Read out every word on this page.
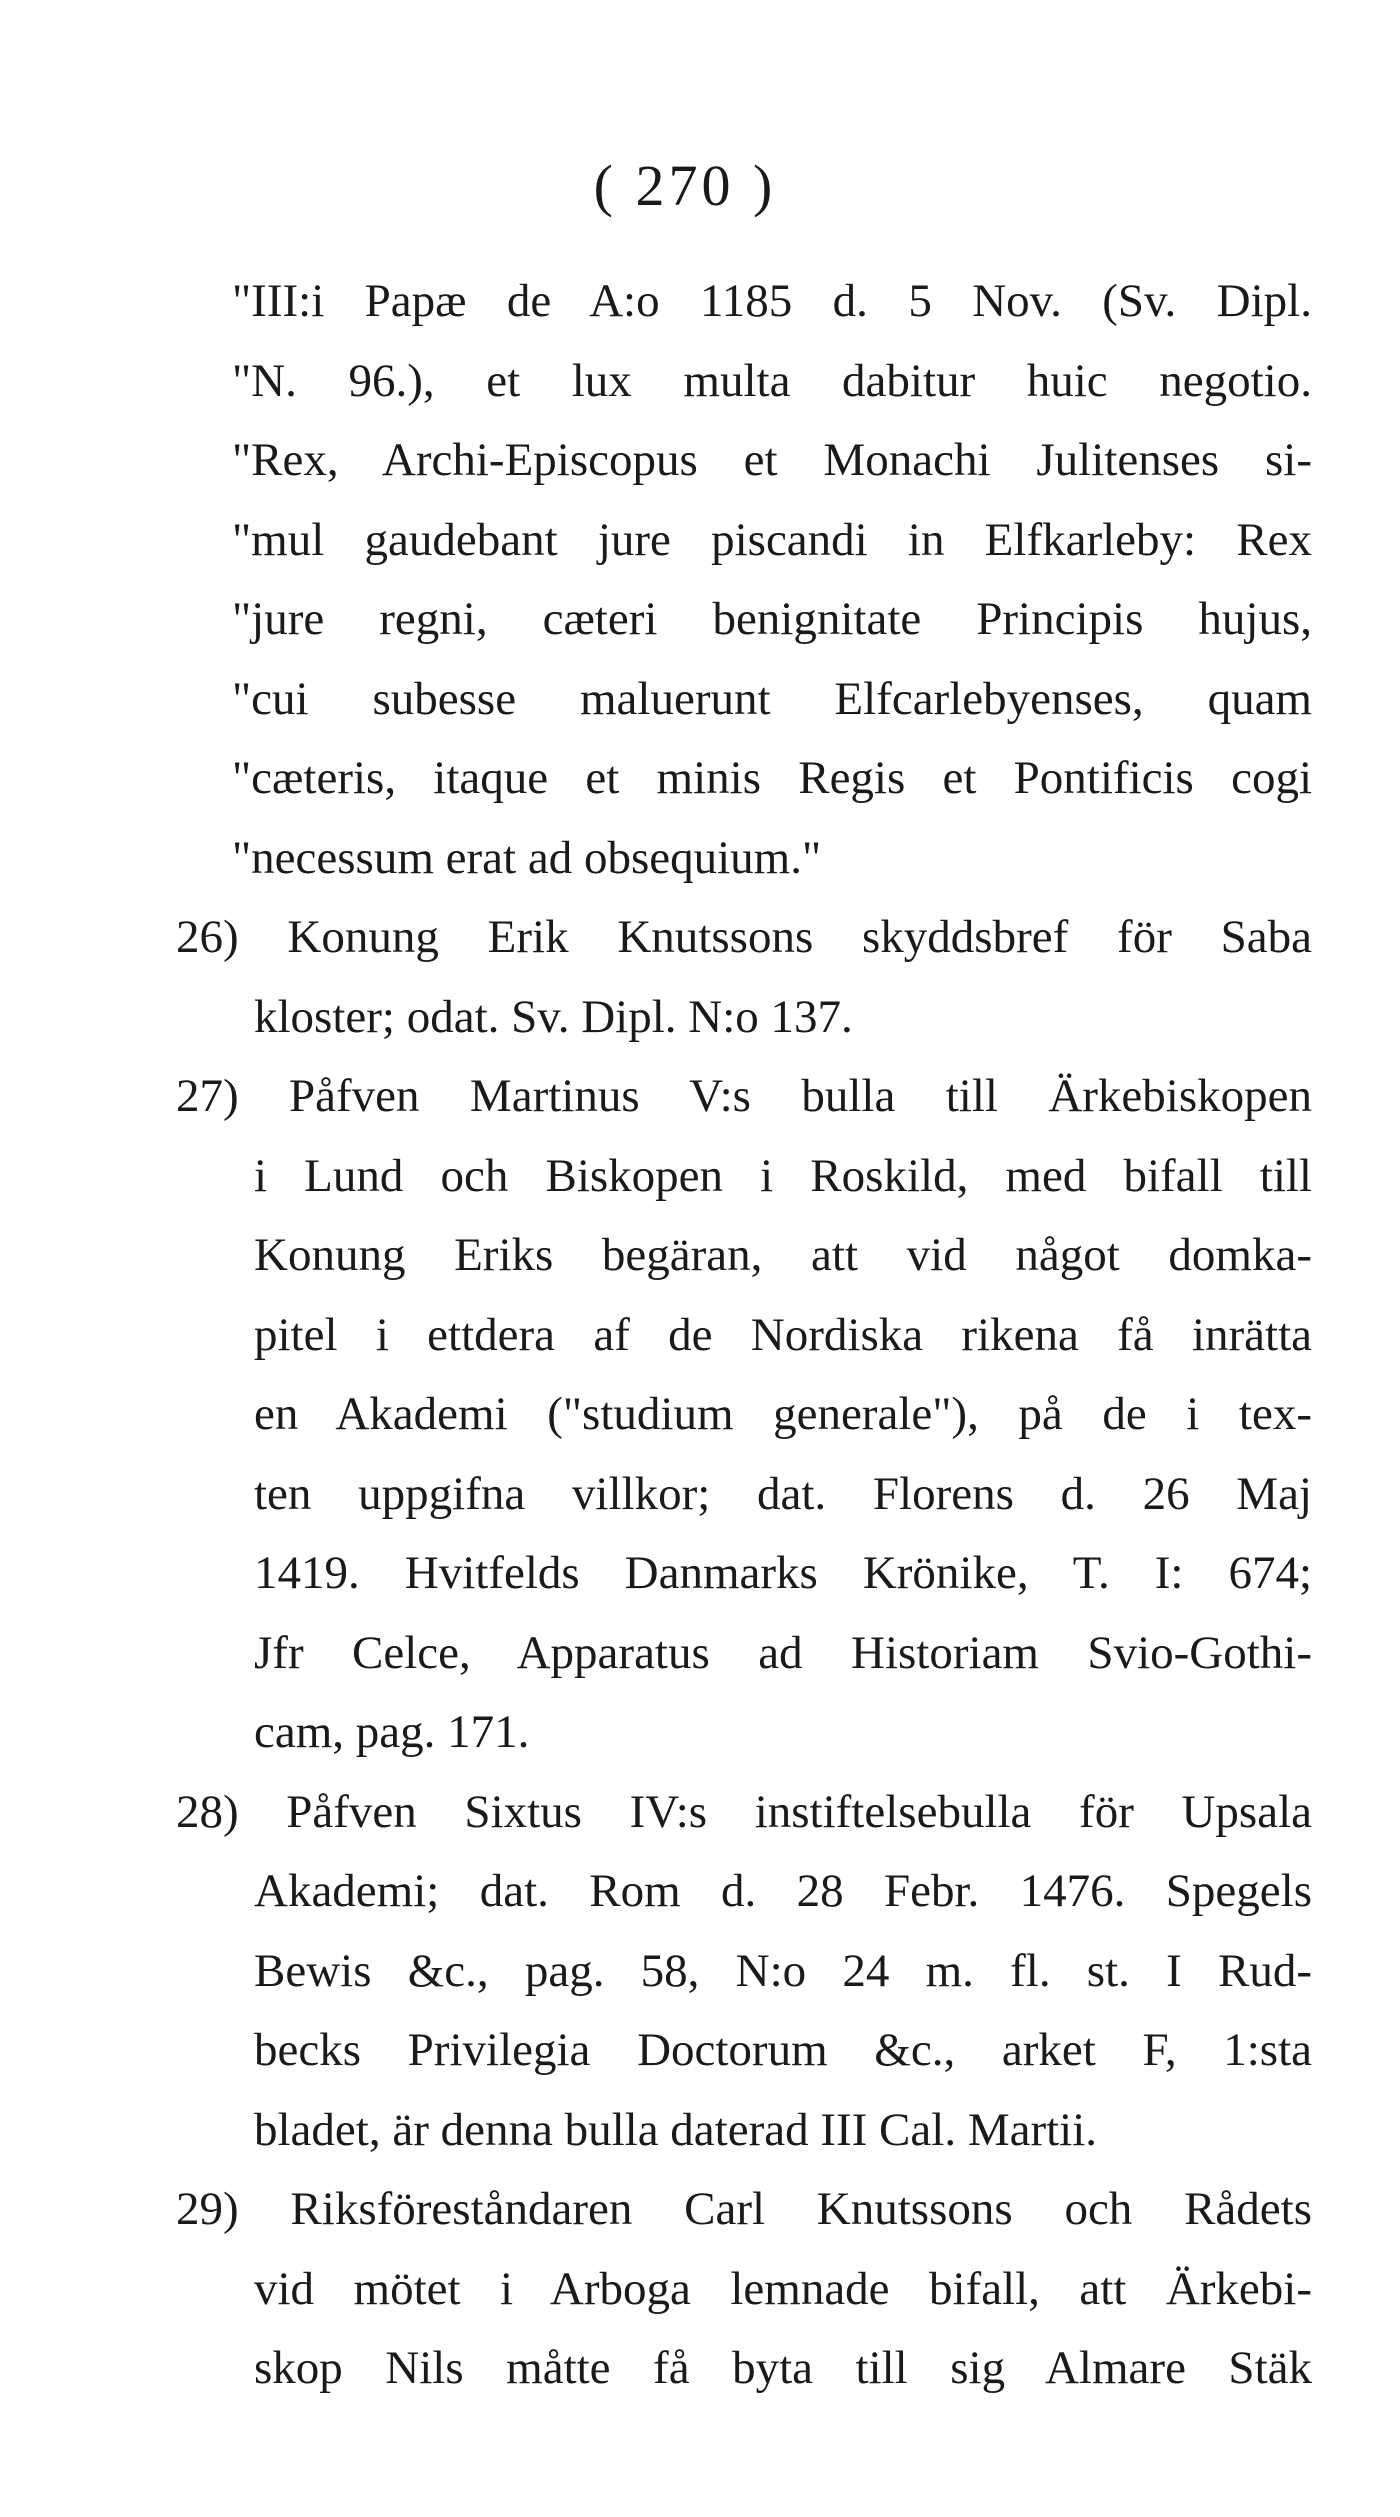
( 270 )
"III:i Papæ de A:o 1185 d. 5 Nov. (Sv. Dipl.
"N. 96.), et lux multa dabitur huic negotio.
"Rex, Archi-Episcopus et Monachi Julitenses si-
"mul gaudebant jure piscandi in Elfkarleby: Rex
"jure regni, cæteri benignitate Principis hujus,
"cui subesse maluerunt Elfcarlebyenses, quam
"cæteris, itaque et minis Regis et Pontificis cogi
"necessum erat ad obsequium."
26) Konung Erik Knutssons skyddsbref för Saba
kloster; odat. Sv. Dipl. N:o 137.
27) Påfven Martinus V:s bulla till Ärkebiskopen
i Lund och Biskopen i Roskild, med bifall till
Konung Eriks begäran, att vid något domka-
pitel i ettdera af de Nordiska rikena få inrätta
en Akademi ("studium generale"), på de i tex-
ten uppgifna villkor; dat. Florens d. 26 Maj
1419. Hvitfelds Danmarks Krönike, T. I: 674;
Jfr Celce, Apparatus ad Historiam Svio-Gothi-
cam, pag. 171.
28) Påfven Sixtus IV:s instiftelsebulla för Upsala
Akademi; dat. Rom d. 28 Febr. 1476. Spegels
Bewis &c., pag. 58, N:o 24 m. fl. st. I Rud-
becks Privilegia Doctorum &c., arket F, 1:sta
bladet, är denna bulla daterad III Cal. Martii.
29) Riksföreståndaren Carl Knutssons och Rådets
vid mötet i Arboga lemnade bifall, att Ärkebi-
skop Nils måtte få byta till sig Almare Stäk
